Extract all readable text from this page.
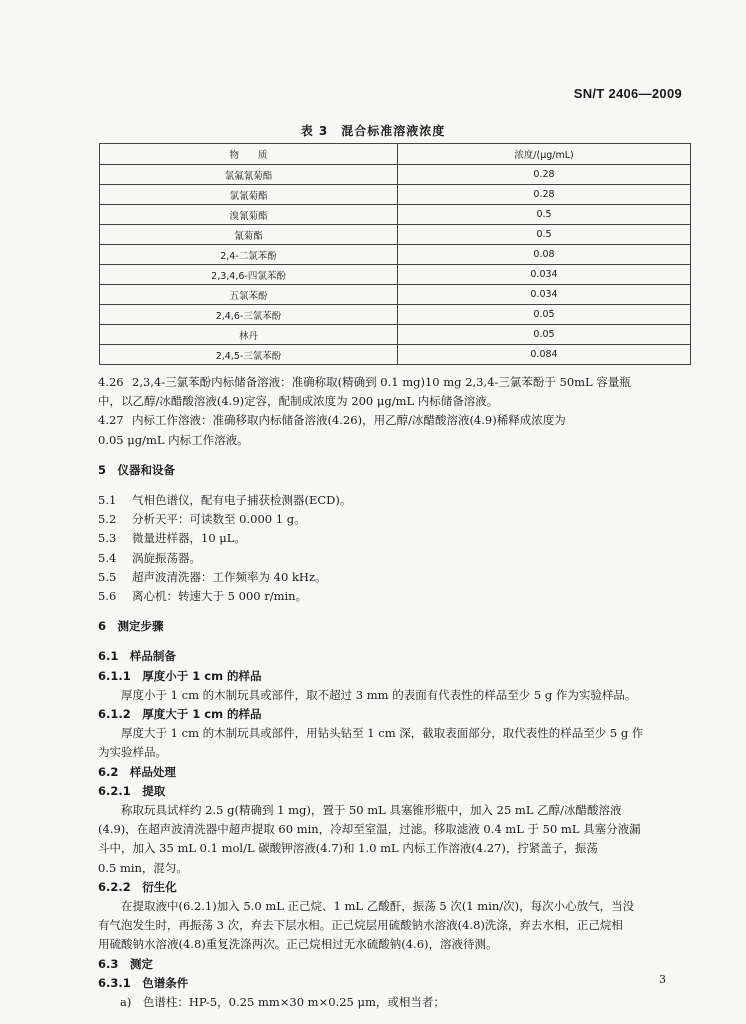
SN/T 2406—2009
表 3　混合标准溶液浓度
物　　质	浓度/(μg/mL)
氯氟氰菊酯	0.28
氯氰菊酯	0.28
溴氰菊酯	0.5
氰菊酯	0.5
2,4-二氯苯酚	0.08
2,3,4,6-四氯苯酚	0.034
五氯苯酚	0.034
2,4,6-三氯苯酚	0.05
林丹	0.05
2,4,5-三氯苯酚	0.084

4.26 2,3,4-三氯苯酚内标储备溶液：准确称取(精确到 0.1 mg)10 mg 2,3,4-三氯苯酚于 50mL 容量瓶

中，以乙醇/冰醋酸溶液(4.9)定容，配制成浓度为 200 μg/mL 内标储备溶液。

4.27 内标工作溶液：准确移取内标储备溶液(4.26)，用乙醇/冰醋酸溶液(4.9)稀释成浓度为

0.05 μg/mL 内标工作溶液。

5　仪器和设备

5.1 气相色谱仪，配有电子捕获检测器(ECD)。

5.2 分析天平：可读数至 0.000 1 g。

5.3 微量进样器，10 μL。

5.4 涡旋振荡器。

5.5 超声波清洗器：工作频率为 40 kHz。

5.6 离心机：转速大于 5 000 r/min。

6　测定步骤

6.1　样品制备

6.1.1　厚度小于 1 cm 的样品

厚度小于 1 cm 的木制玩具或部件，取不超过 3 mm 的表面有代表性的样品至少 5 g 作为实验样品。

6.1.2　厚度大于 1 cm 的样品

厚度大于 1 cm 的木制玩具或部件，用钻头钻至 1 cm 深，截取表面部分，取代表性的样品至少 5 g 作

为实验样品。

6.2　样品处理

6.2.1　提取

称取玩具试样约 2.5 g(精确到 1 mg)，置于 50 mL 具塞锥形瓶中，加入 25 mL 乙醇/冰醋酸溶液

(4.9)，在超声波清洗器中超声提取 60 min，冷却至室温，过滤。移取滤液 0.4 mL 于 50 mL 具塞分液漏

斗中，加入 35 mL 0.1 mol/L 碳酸钾溶液(4.7)和 1.0 mL 内标工作溶液(4.27)，拧紧盖子，振荡

0.5 min，混匀。

6.2.2　衍生化

在提取液中(6.2.1)加入 5.0 mL 正己烷、1 mL 乙酸酐，振荡 5 次(1 min/次)，每次小心放气，当没

有气泡发生时，再振荡 3 次，弃去下层水相。正己烷层用硫酸钠水溶液(4.8)洗涤，弃去水相，正己烷相

用硫酸钠水溶液(4.8)重复洗涤两次。正己烷相过无水硫酸钠(4.6)，溶液待测。

6.3　测定

6.3.1　色谱条件

a)　色谱柱：HP-5，0.25 mm×30 m×0.25 μm，或相当者；

3
